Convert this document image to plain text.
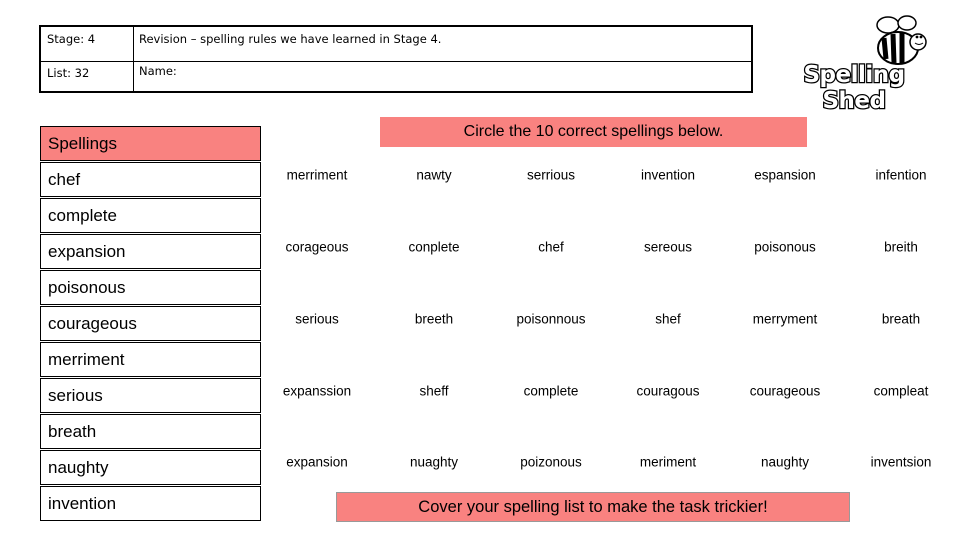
Stage: 4	Revision – spelling rules we have learned in Stage 4.
List: 32	Name:	Spelling Shed
Circle the 10 correct spellings below.
Cover your spelling list to make the task trickier!
Spellings
chef
complete
expansion
poisonous
courageous
merriment
serious
breath
naughty
invention
merriment	nawty	serrious	invention	espansion	infention
corageous	conplete	chef	sereous	poisonous	breith
serious	breeth	poisonnous	shef	merryment	breath
expanssion	sheff	complete	couragous	courageous	compleat
expansion	nuaghty	poizonous	meriment	naughty	inventsion
